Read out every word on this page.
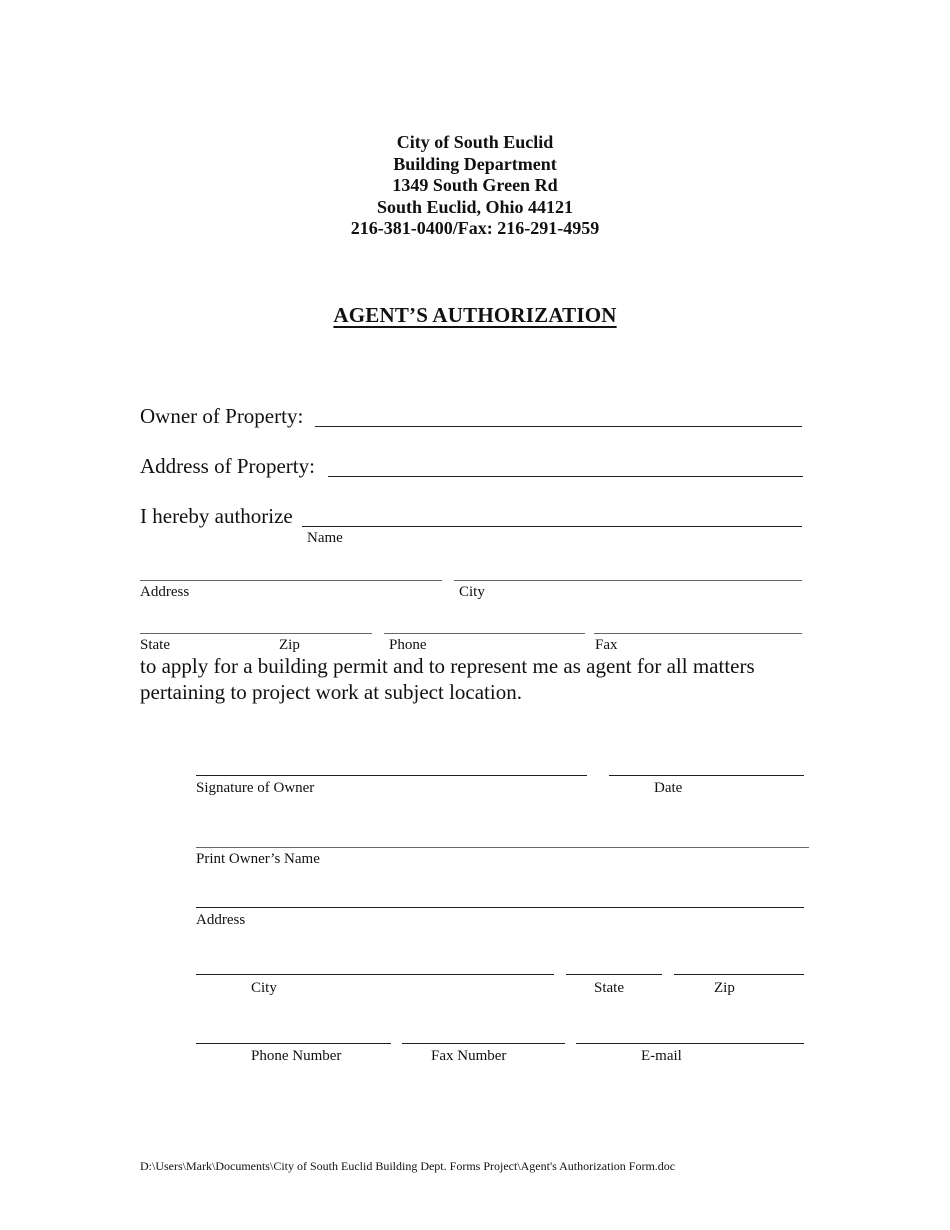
City of South Euclid
Building Department
1349 South Green Rd
South Euclid, Ohio 44121
216-381-0400/Fax: 216-291-4959
AGENT’S AUTHORIZATION
Owner of Property:
Address of Property:
I hereby authorize
Name
Address	City
State	Zip	Phone	Fax
to apply for a building permit and to represent me as agent for all matters
pertaining to project work at subject location.
Signature of Owner	Date
Print Owner’s Name
Address
City	State	Zip
Phone Number	Fax Number	E-mail
D:\Users\Mark\Documents\City of South Euclid Building Dept. Forms Project\Agent's Authorization Form.doc
